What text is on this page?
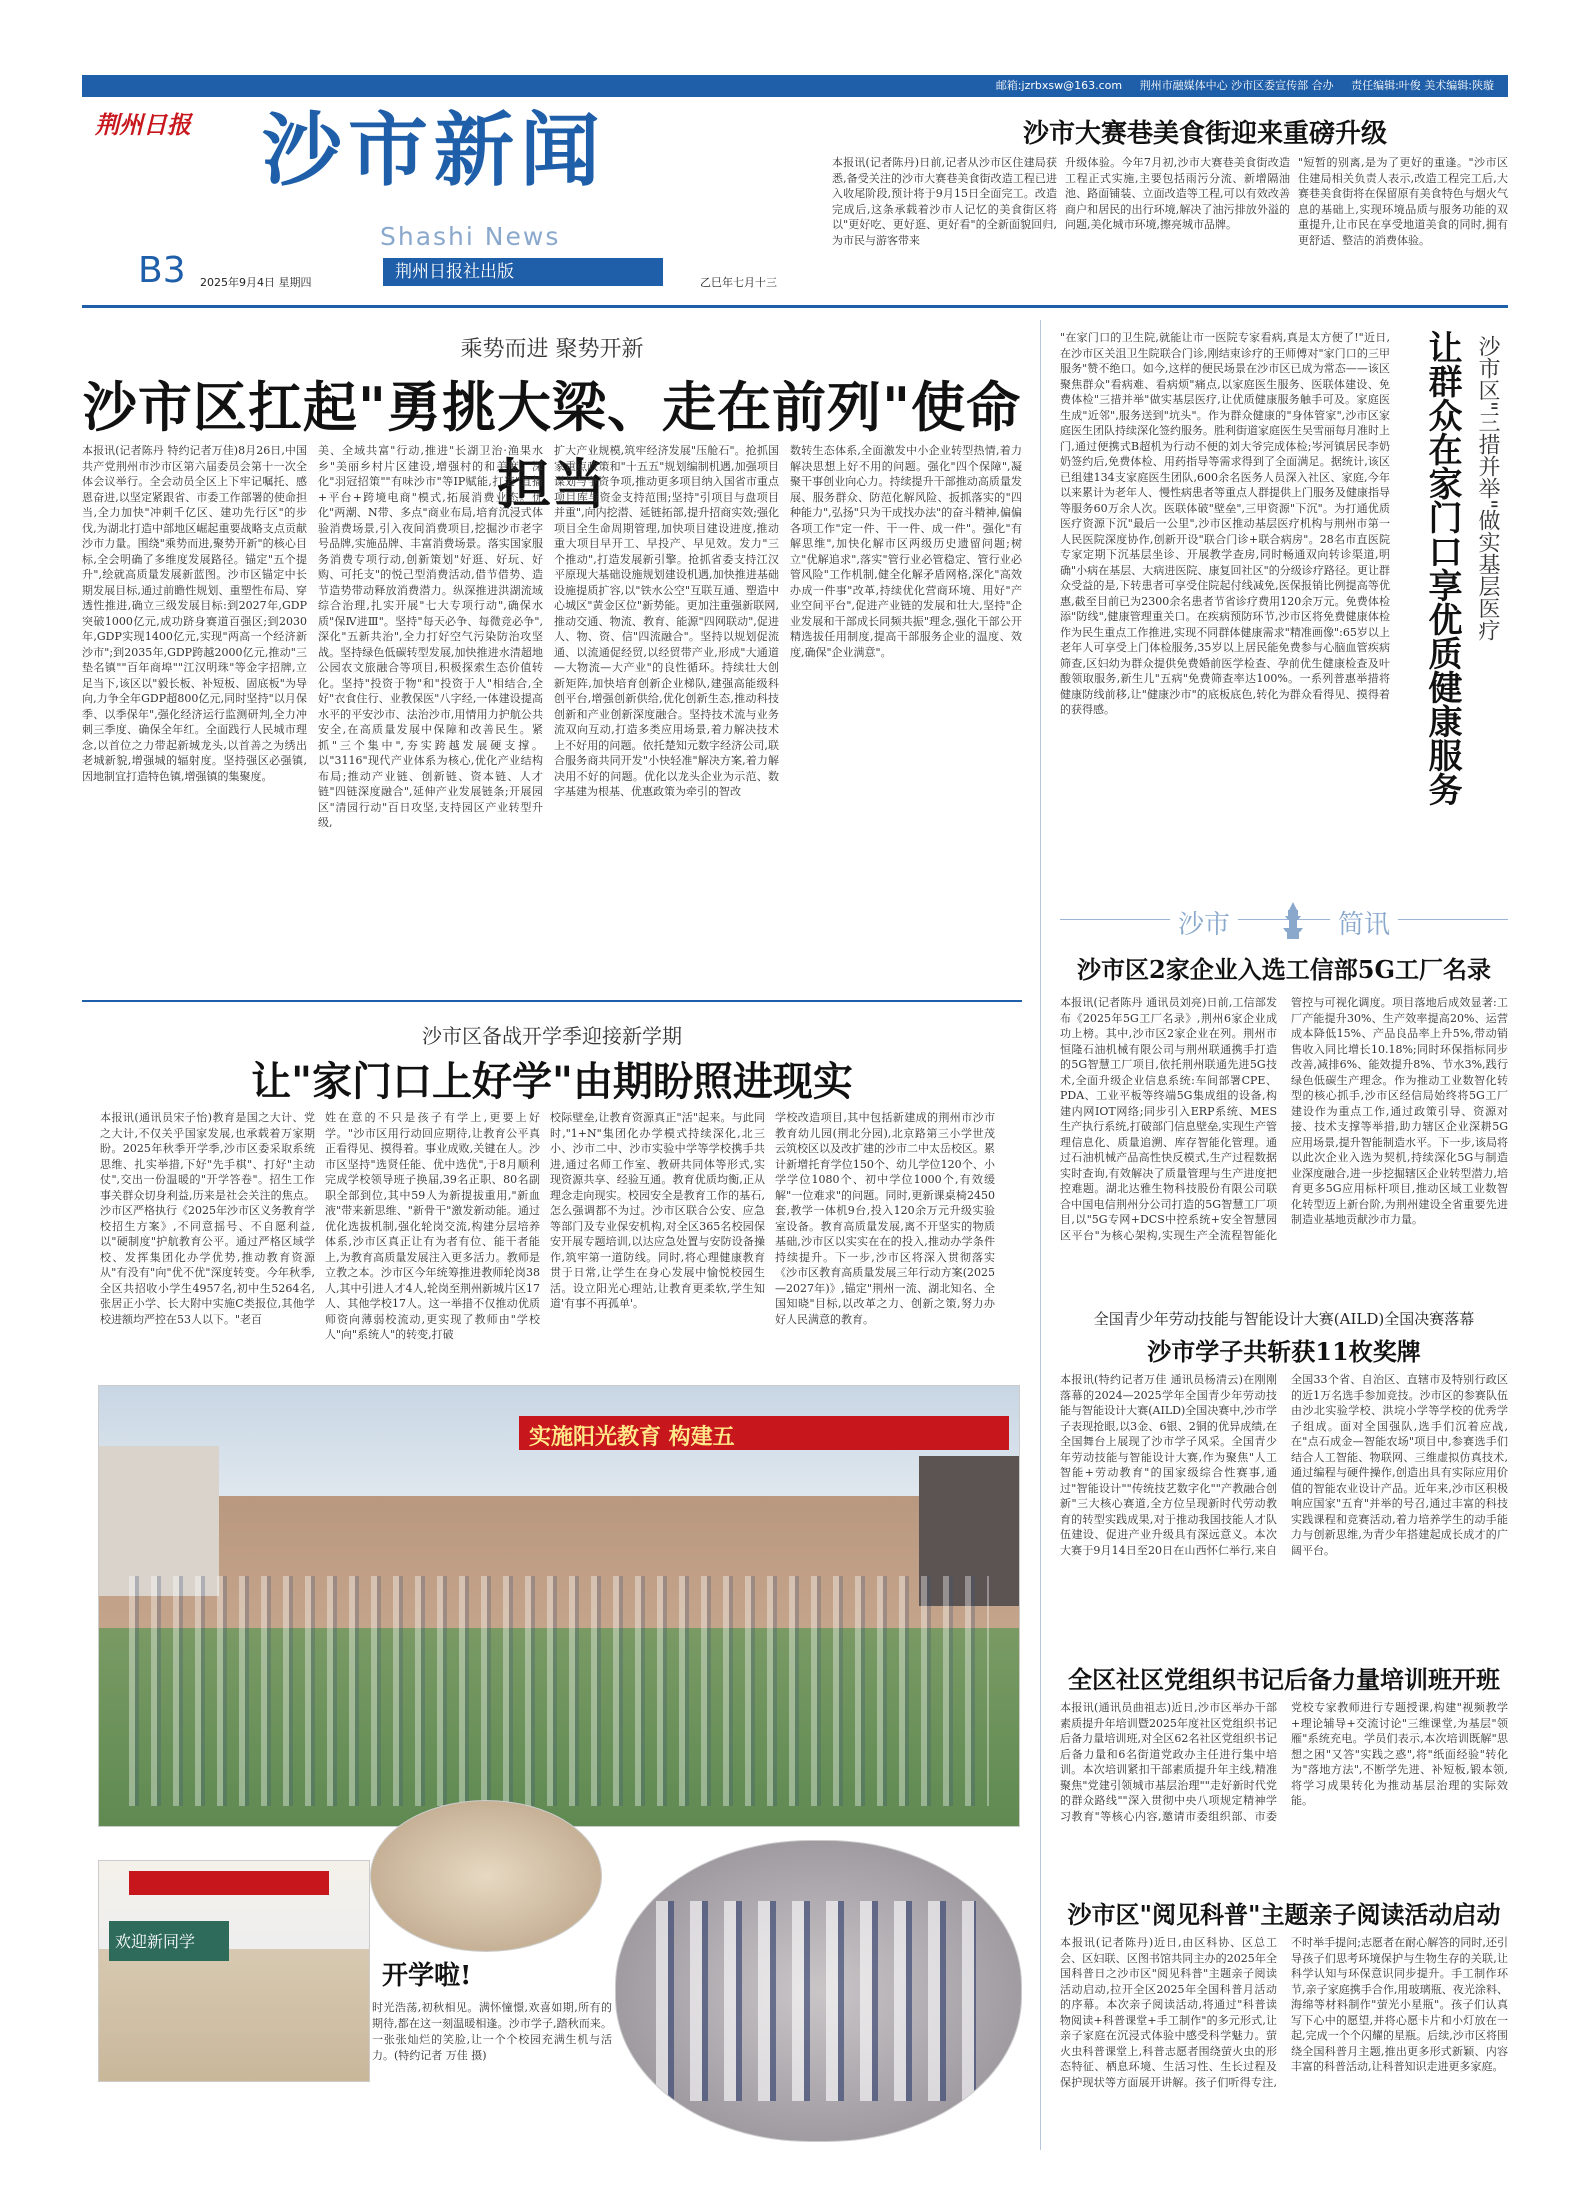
邮箱:jzrbxsw@163.com 荆州市融媒体中心 沙市区委宣传部 合办 责任编辑:叶俊 美术编辑:陕璇
荆州日报 沙市新闻
Shashi News
B3 2025年9月4日 星期四
荆州日报社出版
乙巳年七月十三
沙市大赛巷美食街迎来重磅升级
本报讯(记者陈丹)日前,记者从沙市区住建局获悉,备受关注的沙市大赛巷美食街改造工程已进入收尾阶段,预计将于9月15日全面完工。改造完成后,这条承载着沙市人记忆的美食街区将以"更好吃、更好逛、更好看"的全新面貌回归,为市民与游客带来
升级体验。今年7月初,沙市大赛巷美食街改造工程正式实施,主要包括雨污分流、新增隔油池、路面铺装、立面改造等工程,可以有效改善商户和居民的出行环境,解决了油污排放外溢的问题,美化城市环境,擦亮城市品牌。
"短暂的别离,是为了更好的重逢。"沙市区住建局相关负责人表示,改造工程完工后,大赛巷美食街将在保留原有美食特色与烟火气息的基础上,实现环境品质与服务功能的双重提升,让市民在享受地道美食的同时,拥有更舒适、整洁的消费体验。
乘势而进 聚势开新
沙市区扛起"勇挑大梁、走在前列"使命担当
本报讯(记者陈丹 特约记者万佳)8月26日,中国共产党荆州市沙市区第六届委员会第十一次全体会议举行。全会动员全区上下牢记嘱托、感恩奋进,以坚定紧跟省、市委工作部署的使命担当,全力加快"冲刺千亿区、建功先行区"的步伐,为湖北打造中部地区崛起重要战略支点贡献沙市力量。围绕"乘势而进,聚势开新"的核心目标,全会明确了多维度发展路径。锚定"五个提升",绘就高质量发展新蓝图。沙市区锚定中长期发展目标,通过前瞻性规划、重塑性布局、穿透性推进,确立三级发展目标:到2027年,GDP突破1000亿元,成功跻身赛道百强区;到2030年,GDP实现1400亿元,实现"两高一个经济新沙市";到2035年,GDP跨越2000亿元,推动"三垫名镇""百年商埠""江汉明珠"等金字招牌,立足当下,该区以"毅长板、补短板、固底板"为导向,力争全年GDP超800亿元,同时坚持"以月保季、以季保年",强化经济运行监测研判,全力冲刺三季度、确保全年红。全面践行人民城市理念,以首位之力带起新城龙头,以首善之为绣出老城新貌,增强城的辐射度。坚持强区必强镇,因地制宜打造特色镇,增强镇的集聚度。
美、全域共富"行动,推进"长湖卫治·渔果水乡"美丽乡村片区建设,增强村的和美度。深化"羽冠招策""有味沙市"等IP赋能,打造"直播+平台+跨境电商"模式,拓展消费业态。优化"两潮、N带、多点"商业布局,培育沉浸式体验消费场景,引入夜间消费项目,挖掘沙市老字号品牌,实施品牌、丰富消费场景。落实国家服务消费专项行动,创新策划"好逛、好玩、好购、可托支"的悦己型消费活动,借节借势、造节造势带动释放消费潜力。纵深推进洪湖流域综合治理,扎实开展"七大专项行动",确保水质"保Ⅳ进Ⅲ"。坚持"每天必争、每微竞必争",深化"五新共治",全力打好空气污染防治攻坚战。坚持绿色低碳转型发展,加快推进水清超地公园农文旅融合等项目,积极探索生态价值转化。坚持"投资于物"和"投资于人"相结合,全好"衣食住行、业教保医"八字经,一体建设提高水平的平安沙市、法治沙市,用情用力护航公共安全,在高质量发展中保障和改善民生。紧抓"三个集中",夯实跨越发展硬支撑。以"3116"现代产业体系为核心,优化产业结构布局;推动产业链、创新链、资本链、人才链"四链深度融合",延伸产业发展链条;开展园区"清园行动"百日攻坚,支持园区产业转型升级,
扩大产业规模,筑牢经济发展"压舱石"。抢抓国家重点政策和"十五五"规划编制机遇,加强项目谋划与争资争项,推动更多项目纳入国省市重点项目库与资金支持范围;坚持"引项目与盘项目并重",向内挖潜、延链拓部,提升招商实效;强化项目全生命周期管理,加快项目建设进度,推动重大项目早开工、早投产、早见效。发力"三个推动",打造发展新引擎。抢抓省委支持江汉平原现大基础设施规划建设机遇,加快推进基础设施提质扩容,以"铁水公空"互联互通、塑造中心城区"黄金区位"新势能。更加注重强新联网,推动交通、物流、教育、能源"四网联动",促进人、物、资、信"四流融合"。坚持以规划促流通、以流通促经贸,以经贸带产业,形成"大通道—大物流—大产业"的良性循环。持续壮大创新矩阵,加快培育创新企业梯队,建强高能级科创平台,增强创新供给,优化创新生态,推动科技创新和产业创新深度融合。坚持技术流与业务流双向互动,打造多类应用场景,着力解决技术上不好用的问题。依托楚知元数字经济公司,联合服务商共同开发"小快轻准"解决方案,着力解决用不好的问题。优化以龙头企业为示范、数字基建为根基、优惠政策为牵引的智改
数转生态体系,全面激发中小企业转型热情,着力解决思想上好不用的问题。强化"四个保障",凝聚干事创业向心力。持续提升干部推动高质量发展、服务群众、防范化解风险、扳抓落实的"四种能力",弘扬"只为干成找办法"的奋斗精神,偏偏各项工作"定一件、干一件、成一件"。强化"有解思维",加快化解市区两级历史遗留问题;树立"优解追求",落实"管行业必管稳定、管行业必管风险"工作机制,健全化解矛盾网格,深化"高效办成一件事"改革,持续优化营商环境、用好"产业空间平台",促进产业链的发展和壮大,坚持"企业发展和干部成长同频共振"理念,强化干部公开精选拔任用制度,提高干部服务企业的温度、效度,确保"企业满意"。
"在家门口的卫生院,就能让市一医院专家看病,真是太方便了!"近日,在沙市区关沮卫生院联合门诊,刚结束诊疗的王师傅对"家门口的三甲服务"赞不绝口。如今,这样的便民场景在沙市区已成为常态——该区聚焦群众"看病难、看病烦"痛点,以家庭医生服务、医联体建设、免费体检"三措并举"做实基层医疗,让优质健康服务触手可及。家庭医生成"近邻",服务送到"坑头"。作为群众健康的"身体管家",沙市区家庭医生团队持续深化签约服务。胜利街道家庭医生吴雪丽每月准时上门,通过便携式B超机为行动不便的刘大爷完成体检;岑河镇居民李奶奶签约后,免费体检、用药指导等需求得到了全面满足。据统计,该区已组建134支家庭医生团队,600余名医务人员深入社区、家庭,今年以来累计为老年人、慢性病患者等重点人群提供上门服务及健康指导等服务60万余人次。医联体破"壁垒",三甲资源"下沉"。为打通优质医疗资源下沉"最后一公里",沙市区推动基层医疗机构与荆州市第一人民医院深度协作,创新开设"联合门诊+联合病房"。28名市直医院专家定期下沉基层坐诊、开展教学查房,同时畅通双向转诊渠道,明确"小病在基层、大病进医院、康复回社区"的分级诊疗路径。更让群众受益的是,下转患者可享受住院起付线减免,医保报销比例提高等优惠,截至目前已为2300余名患者节省诊疗费用120余万元。免费体检添"防线",健康管理重关口。在疾病预防环节,沙市区将免费健康体检作为民生重点工作推进,实现不同群体健康需求"精准画像":65岁以上老年人可享受上门体检服务,35岁以上居民能免费参与心脑血管疾病筛查,区妇幼为群众提供免费婚前医学检查、孕前优生健康检查及叶酸领取服务,新生儿"五病"免费筛查率达100%。一系列普惠举措将健康防线前移,让"健康沙市"的底板底色,转化为群众看得见、摸得着的获得感。	让群众在家门口享优质健康服务 沙市区"三措并举"做实基层医疗
沙市	简讯
沙市区备战开学季迎接新学期
让"家门口上好学"由期盼照进现实
本报讯(通讯员宋子怡)教育是国之大计、党之大计,不仅关乎国家发展,也承载着万家期盼。2025年秋季开学季,沙市区委采取系统思维、扎实举措,下好"先手棋"、打好"主动仗",交出一份温暖的"开学答卷"。招生工作事关群众切身利益,历来是社会关注的焦点。沙市区严格执行《2025年沙市区义务教育学校招生方案》,不同意摇号、不自愿利益,以"硬制度"护航教育公平。通过严格区域学校、发挥集团化办学优势,推动教育资源从"有没有"向"优不优"深度转变。今年秋季,全区共招收小学生4957名,初中生5264名,张居正小学、长大附中实施C类报位,其他学校进额均严控在53人以下。"老百
姓在意的不只是孩子有学上,更要上好学。"沙市区用行动回应期待,让教育公平真正看得见、摸得着。事业成败,关键在人。沙市区坚持"选贤任能、优中选优",于8月顺利完成学校领导班子换届,39名正职、80名副职全部到位,其中59人为新提拔重用,"新血液"带来新思维、"新骨干"激发新动能。通过优化选拔机制,强化轮岗交流,构建分层培养体系,沙市区真正让有为者有位、能干者能上,为教育高质量发展注入更多活力。教师是立教之本。沙市区今年统筹推进教师轮岗38人,其中引进人才4人,轮岗至荆州新城片区17人、其他学校17人。这一举措不仅推动优质师资向薄弱校流动,更实现了教师由"学校人"向"系统人"的转变,打破
校际壁垒,让教育资源真正"活"起来。与此同时,"1+N"集团化办学模式持续深化,北三小、沙市二中、沙市实验中学等学校携手共进,通过名师工作室、教研共同体等形式,实现资源共享、经验互通。教育优质均衡,正从理念走向现实。校园安全是教育工作的基石,怎么强调都不为过。沙市区联合公安、应急等部门及专业保安机构,对全区365名校园保安开展专题培训,以达应急处置与安防设备操作,筑牢第一道防线。同时,将心理健康教育贯于日常,让学生在身心发展中愉悦校园生活。设立阳光心理站,让教育更柔软,学生知道'有事不再孤单'。
学校改造项目,其中包括新建成的荆州市沙市教育幼儿园(荆北分园),北京路第三小学世茂云筑校区以及改扩建的沙市二中太岳校区。累计新增托育学位150个、幼儿学位120个、小学学位1080个、初中学位1000个,有效缓解"一位难求"的问题。同时,更新课桌椅2450套,教学一体机9台,投入120余万元升级实验室设备。教育高质量发展,离不开坚实的物质基础,沙市区以实实在在的投入,推动办学条件持续提升。下一步,沙市区将深入贯彻落实《沙市区教育高质量发展三年行动方案(2025—2027年)》,锚定"荆州一流、湖北知名、全国知晓"目标,以改革之力、创新之策,努力办好人民满意的教育。
实施阳光教育 构建五
欢迎新同学
开学啦!
时光浩荡,初秋相见。满怀憧憬,欢喜如期,所有的期待,都在这一刻温暖相逢。沙市学子,踏秋而来。一张张灿烂的笑脸,让一个个校园充满生机与活力。(特约记者 万佳 摄)
沙市区2家企业入选工信部5G工厂名录
本报讯(记者陈丹 通讯员刘亮)日前,工信部发布《2025年5G工厂名录》,荆州6家企业成功上榜。其中,沙市区2家企业在列。荆州市恒隆石油机械有限公司与荆州联通携手打造的5G智慧工厂项目,依托荆州联通先进5G技术,全面升级企业信息系统:车间部署CPE、PDA、工业平板等终端5G集成组的设备,构建内网IOT网络;同步引入ERP系统、MES生产执行系统,打破部门信息壁垒,实现生产管理信息化、质量追溯、库存智能化管理。通过石油机械产品高性快反模式,生产过程数据实时查询,有效解决了质量管理与生产进度把控难题。湖北达雅生物科技股份有限公司联合中国电信荆州分公司打造的5G智慧工厂项目,以"5G专网+DCS中控系统+安全智慧园区平台"为核心架构,实现生产全流程智能化管控与可视化调度。项目落地后成效显著:工厂产能提升30%、生产效率提高20%、运营成本降低15%、产品良品率上升5%,带动销售收入同比增长10.18%;同时环保指标同步改善,减排6%、能效提升8%、节水3%,践行绿色低碳生产理念。作为推动工业数智化转型的核心抓手,沙市区经信局始终将5G工厂建设作为重点工作,通过政策引导、资源对接、技术支撑等举措,助力辖区企业深耕5G应用场景,提升智能制造水平。下一步,该局将以此次企业入选为契机,持续深化5G与制造业深度融合,进一步挖掘辖区企业转型潜力,培育更多5G应用标杆项目,推动区域工业数智化转型迈上新台阶,为荆州建设全省重要先进制造业基地贡献沙市力量。
全国青少年劳动技能与智能设计大赛(AILD)全国决赛落幕
沙市学子共斩获11枚奖牌
本报讯(特约记者万佳 通讯员杨清云)在刚刚落幕的2024—2025学年全国青少年劳动技能与智能设计大赛(AILD)全国决赛中,沙市学子表现抢眼,以3金、6银、2铜的优异成绩,在全国舞台上展现了沙市学子风采。全国青少年劳动技能与智能设计大赛,作为聚焦"人工智能+劳动教育"的国家级综合性赛事,通过"智能设计""传统技艺数字化""产教融合创新"三大核心赛道,全方位呈现新时代劳动教育的转型实践成果,对于推动我国技能人才队伍建设、促进产业升级具有深远意义。本次大赛于9月14日至20日在山西怀仁举行,来自全国33个省、自治区、直辖市及特别行政区的近1万名选手参加竞技。沙市区的参赛队伍由沙北实验学校、洪垸小学等学校的优秀学子组成。面对全国强队,选手们沉着应战,在"点石成金—智能农场"项目中,参赛选手们结合人工智能、物联网、三维虚拟仿真技术,通过编程与硬件操作,创造出具有实际应用价值的智能农业设计产品。近年来,沙市区积极响应国家"五育"并举的号召,通过丰富的科技实践课程和竞赛活动,着力培养学生的动手能力与创新思维,为青少年搭建起成长成才的广阔平台。
全区社区党组织书记后备力量培训班开班
本报讯(通讯员曲祖志)近日,沙市区举办干部素质提升年培训暨2025年度社区党组织书记后备力量培训班,对全区62名社区党组织书记后备力量和6名街道党政办主任进行集中培训。本次培训紧扣干部素质提升年主线,精准聚焦"党建引领城市基层治理""走好新时代党的群众路线""深入贯彻中央八项规定精神学习教育"等核心内容,邀请市委组织部、市委党校专家教师进行专题授课,构建"视频教学+理论辅导+交流讨论"三维课堂,为基层"领雁"系统充电。学员们表示,本次培训既解"思想之困"又答"实践之惑",将"纸面经验"转化为"落地方法",不断学先进、补短板,锻本领,将学习成果转化为推动基层治理的实际效能。
沙市区"阅见科普"主题亲子阅读活动启动
本报讯(记者陈丹)近日,由区科协、区总工会、区妇联、区图书馆共同主办的2025年全国科普日之沙市区"阅见科普"主题亲子阅读活动启动,拉开全区2025年全国科普月活动的序幕。本次亲子阅读活动,将通过"科普读物阅读+科普课堂+手工制作"的多元形式,让亲子家庭在沉浸式体验中感受科学魅力。萤火虫科普课堂上,科普志愿者围绕萤火虫的形态特征、栖息环境、生活习性、生长过程及保护现状等方面展开讲解。孩子们听得专注,不时举手提问;志愿者在耐心解答的同时,还引导孩子们思考环境保护与生物生存的关联,让科学认知与环保意识同步提升。手工制作环节,亲子家庭携手合作,用玻璃瓶、夜光涂料、海绵等材料制作"萤光小星瓶"。孩子们认真写下心中的愿望,并将心愿卡片和小灯放在一起,完成一个个闪耀的星瓶。后续,沙市区将围绕全国科普月主题,推出更多形式新颖、内容丰富的科普活动,让科普知识走进更多家庭。
